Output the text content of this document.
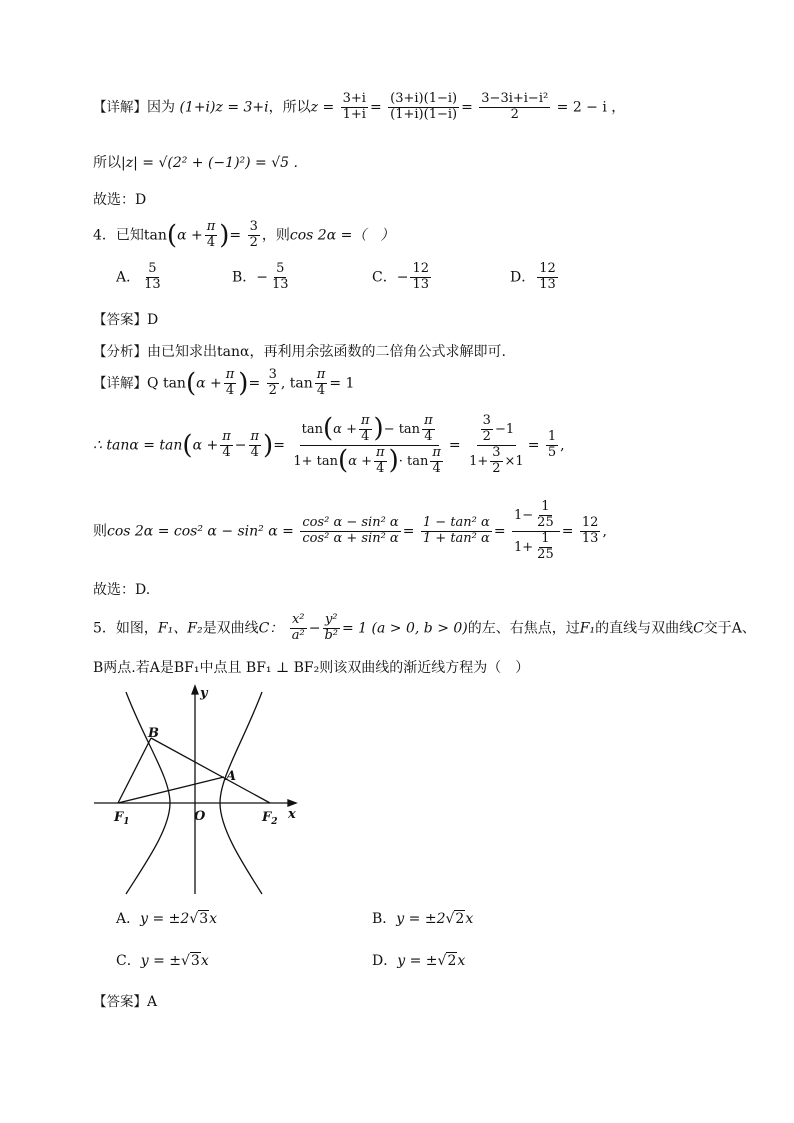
【详解】因为 (1+i)z = 3+i，所以$z = \frac{3+i}{1+i} = \frac{(3+i)(1-i)}{(1+i)(1-i)} = \frac{\text{3−3i+i−i²}}{2} = 2 - i$ ，
所以|z| = √(2² + (−1)²) = √5 .
故选：D
4．已知$\tan(\alpha + \frac{\pi}{4}$ )= $\frac{3}{2}$ ，则cos 2α =（　）
A． $\frac{5}{13}$	B．− $\frac{5}{13}$	C．− $\frac{12}{13}$	D． $\frac{12}{13}$
【答案】D
【分析】由已知求出tanα，再利用余弦函数的二倍角公式求解即可.
【详解】Q $\tan(\alpha + \frac{\pi}{4}$ )= $\frac{3}{2}$ , $\tan \frac{\pi}{4} = 1$
∴ $\tan\alpha = \tan(\alpha + \frac{\pi}{4} - \frac{\pi}{4}$ )= $\frac{\tan(\alpha + \frac{\pi}{4} )- \tan \frac{\pi}{4}}{1+ \tan(\alpha + \frac{\pi}{4} )\cdot \tan \frac{\pi}{4}} = \frac{\frac{3}{2} -1}{1+ \frac{3}{2} \times 1} = \frac{1}{5}$ ,
则cos 2α = cos² α − sin² $\alpha = \frac{\text{cos² α − sin² α}}{\text{cos² α + sin² α}} = \frac{\text{1 − tan² α}}{\text{1 + tan² α}} = \frac{1- \frac{1}{25}}{1+ \frac{1}{25}} = \frac{12}{13}$ ,
故选：D.
5．如图，F₁、F₂是双曲线C： $\frac{\text{x²}}{\text{a²}} - \frac{\text{y²}}{\text{b²}} = 1$ (a > 0, b > 0)的左、右焦点，过F₁的直线与双曲线C交于A、
B两点.若A是BF₁中点且 BF₁ ⊥ BF₂则该双曲线的渐近线方程为（　）
y
x
B
A
O
$F_1$	$F_2$
A．y = ±2√3x	B．y = ±2√2x
C．y = ±√3x	D．y = ±√2x
【答案】A
